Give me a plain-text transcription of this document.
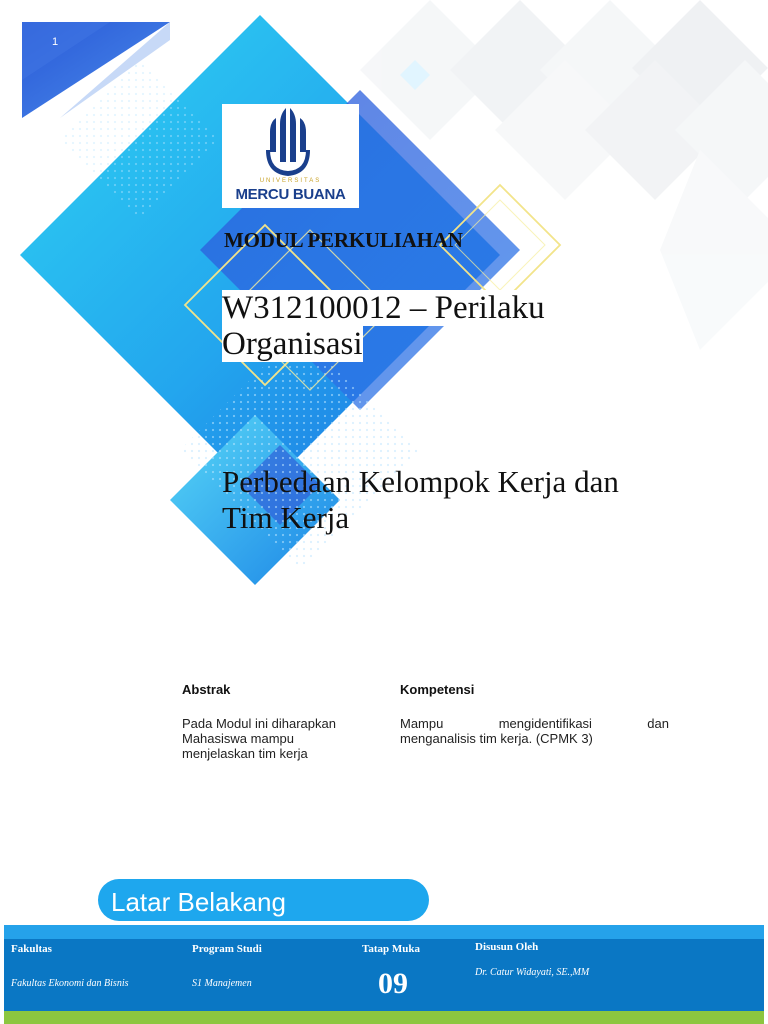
1
UNIVERSITAS
MERCU BUANA
MODUL PERKULIAHAN
W312100012 – Perilaku
Organisasi
Perbedaan Kelompok Kerja dan
Tim Kerja
Abstrak
Pada Modul ini diharapkan
Mahasiswa mampu
menjelaskan tim kerja
Kompetensi
Mampu	mengidentifikasi	dan
menganalisis tim kerja. (CPMK 3)
Latar Belakang
Fakultas
Fakultas Ekonomi dan Bisnis
Program Studi
S1 Manajemen
Tatap Muka
09
Disusun Oleh
Dr. Catur Widayati, SE.,MM
